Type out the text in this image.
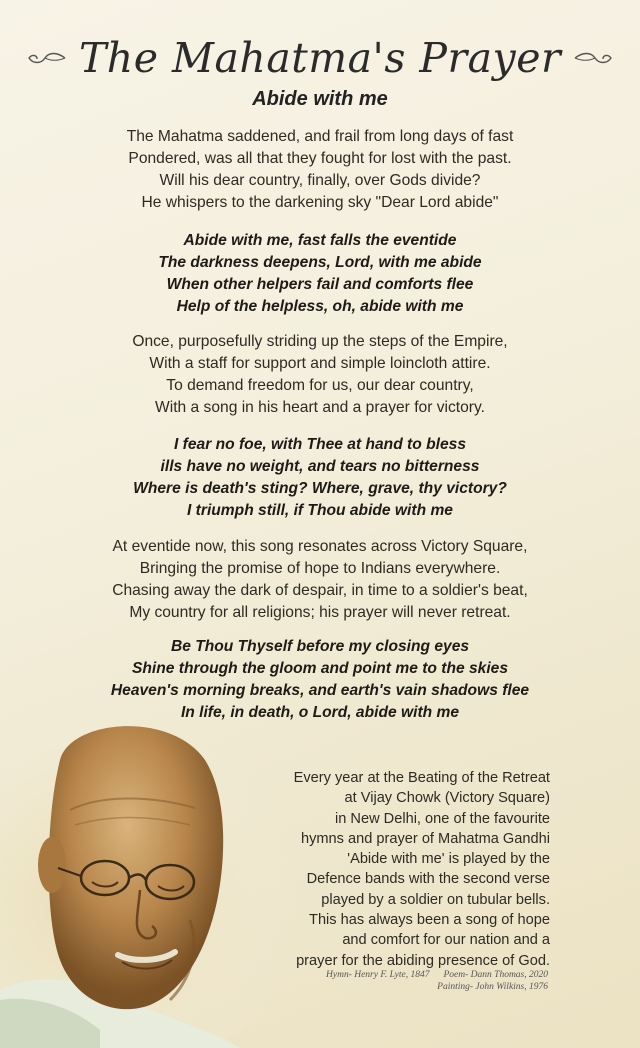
The Mahatma's Prayer
Abide with me
The Mahatma saddened, and frail from long days of fast
Pondered, was all that they fought for lost with the past.
Will his dear country, finally, over Gods divide?
He whispers to the darkening sky "Dear Lord abide"
Abide with me, fast falls the eventide
The darkness deepens, Lord, with me abide
When other helpers fail and comforts flee
Help of the helpless, oh, abide with me
Once, purposefully striding up the steps of the Empire,
With a staff for support and simple loincloth attire.
To demand freedom for us, our dear country,
With a song in his heart and a prayer for victory.
I fear no foe, with Thee at hand to bless
ills have no weight, and tears no bitterness
Where is death's sting? Where, grave, thy victory?
I triumph still, if Thou abide with me
At eventide now, this song resonates across Victory Square,
Bringing the promise of hope to Indians everywhere.
Chasing away the dark of despair, in time to a soldier's beat,
My country for all religions; his prayer will never retreat.
Be Thou Thyself before my closing eyes
Shine through the gloom and point me to the skies
Heaven's morning breaks, and earth's vain shadows flee
In life, in death, o Lord, abide with me
Every year at the Beating of the Retreat
at Vijay Chowk (Victory Square)
in New Delhi, one of the favourite
hymns and prayer of Mahatma Gandhi
'Abide with me' is played by the
Defence bands with the second verse
played by a soldier on tubular bells.
This has always been a song of hope
and comfort for our nation and a
prayer for the abiding presence of God.
Hymn- Henry F. Lyte, 1847 Poem- Dann Thomas, 2020
Painting- John Wilkins, 1976
